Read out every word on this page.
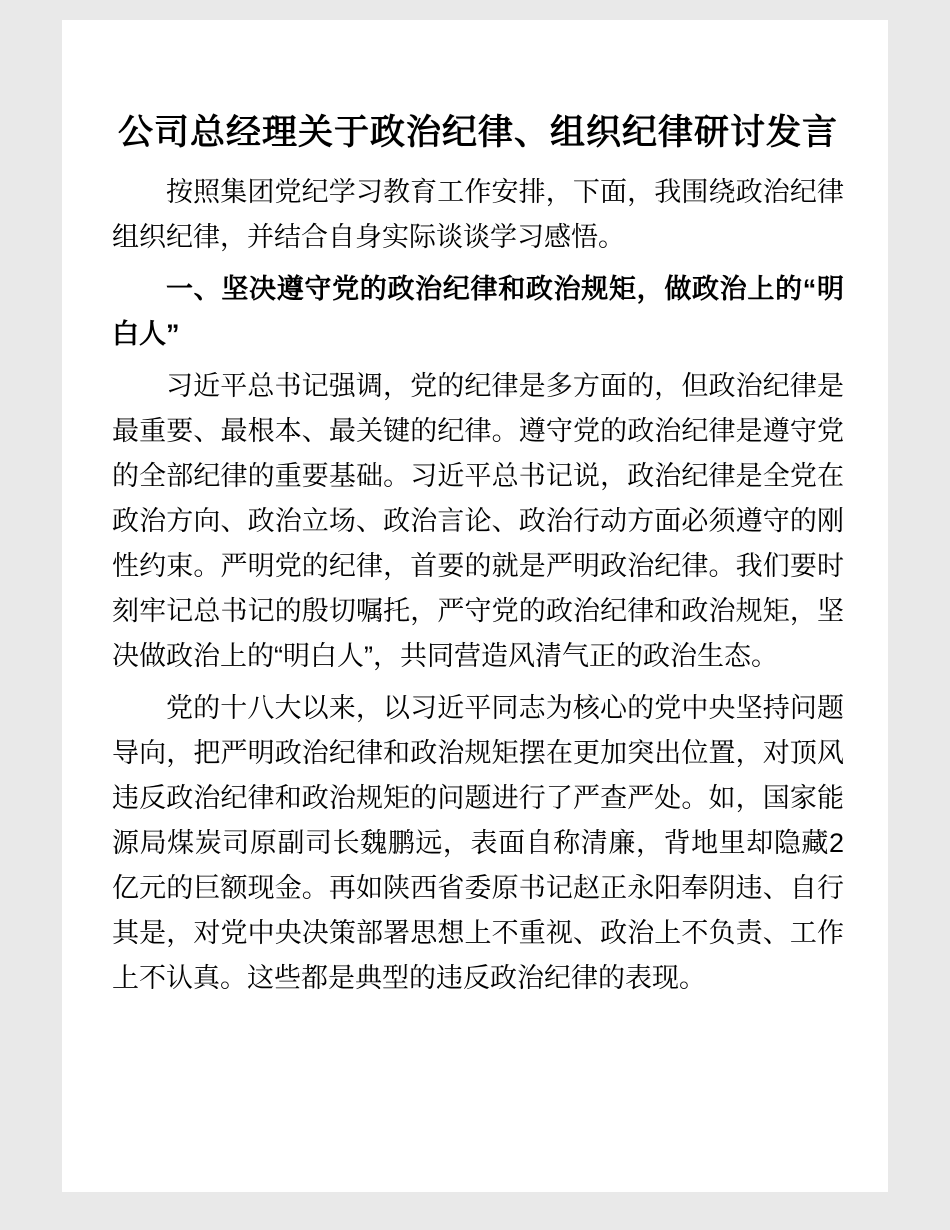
公司总经理关于政治纪律、组织纪律研讨发言

按照集团党纪学习教育工作安排，下面，我围绕政治纪律组织纪律，并结合自身实际谈谈学习感悟。

一、坚决遵守党的政治纪律和政治规矩，做政治上的“明白人”

习近平总书记强调，党的纪律是多方面的，但政治纪律是最重要、最根本、最关键的纪律。遵守党的政治纪律是遵守党的全部纪律的重要基础。习近平总书记说，政治纪律是全党在政治方向、政治立场、政治言论、政治行动方面必须遵守的刚性约束。严明党的纪律，首要的就是严明政治纪律。我们要时刻牢记总书记的殷切嘱托，严守党的政治纪律和政治规矩，坚决做政治上的“明白人”，共同营造风清气正的政治生态。

党的十八大以来，以习近平同志为核心的党中央坚持问题导向，把严明政治纪律和政治规矩摆在更加突出位置，对顶风违反政治纪律和政治规矩的问题进行了严查严处。如，国家能源局煤炭司原副司长魏鹏远，表面自称清廉，背地里却隐藏2亿元的巨额现金。再如陕西省委原书记赵正永阳奉阴违、自行其是，对党中央决策部署思想上不重视、政治上不负责、工作上不认真。这些都是典型的违反政治纪律的表现。
